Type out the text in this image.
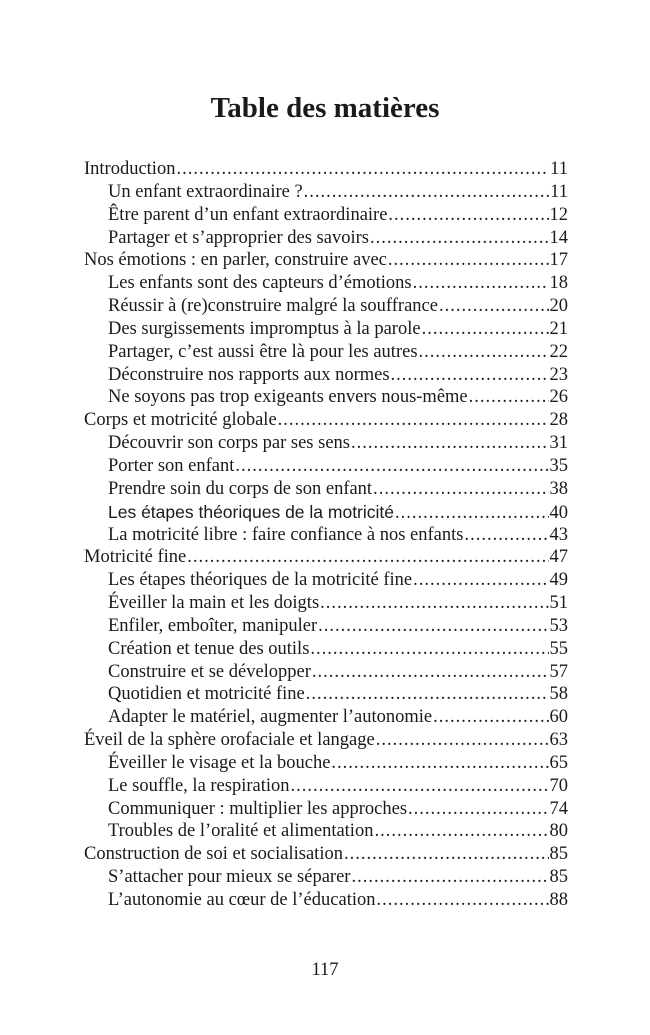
Table des matières
Introduction .....	11
Un enfant extraordinaire ? .....	11
Être parent d’un enfant extraordinaire .....	12
Partager et s’approprier des savoirs .....	14
Nos émotions : en parler, construire avec .....	17
Les enfants sont des capteurs d’émotions .....	18
Réussir à (re)construire malgré la souffrance .....	20
Des surgissements impromptus à la parole .....	21
Partager, c’est aussi être là pour les autres .....	22
Déconstruire nos rapports aux normes .....	23
Ne soyons pas trop exigeants envers nous-même .....	26
Corps et motricité globale .....	28
Découvrir son corps par ses sens .....	31
Porter son enfant .....	35
Prendre soin du corps de son enfant .....	38
Les étapes théoriques de la motricité .....	40
La motricité libre : faire confiance à nos enfants .....	43
Motricité fine .....	47
Les étapes théoriques de la motricité fine .....	49
Éveiller la main et les doigts .....	51
Enfiler, emboîter, manipuler .....	53
Création et tenue des outils .....	55
Construire et se développer .....	57
Quotidien et motricité fine .....	58
Adapter le matériel, augmenter l’autonomie .....	60
Éveil de la sphère orofaciale et langage .....	63
Éveiller le visage et la bouche .....	65
Le souffle, la respiration .....	70
Communiquer : multiplier les approches .....	74
Troubles de l’oralité et alimentation .....	80
Construction de soi et socialisation .....	85
S’attacher pour mieux se séparer .....	85
L’autonomie au cœur de l’éducation .....	88
117
